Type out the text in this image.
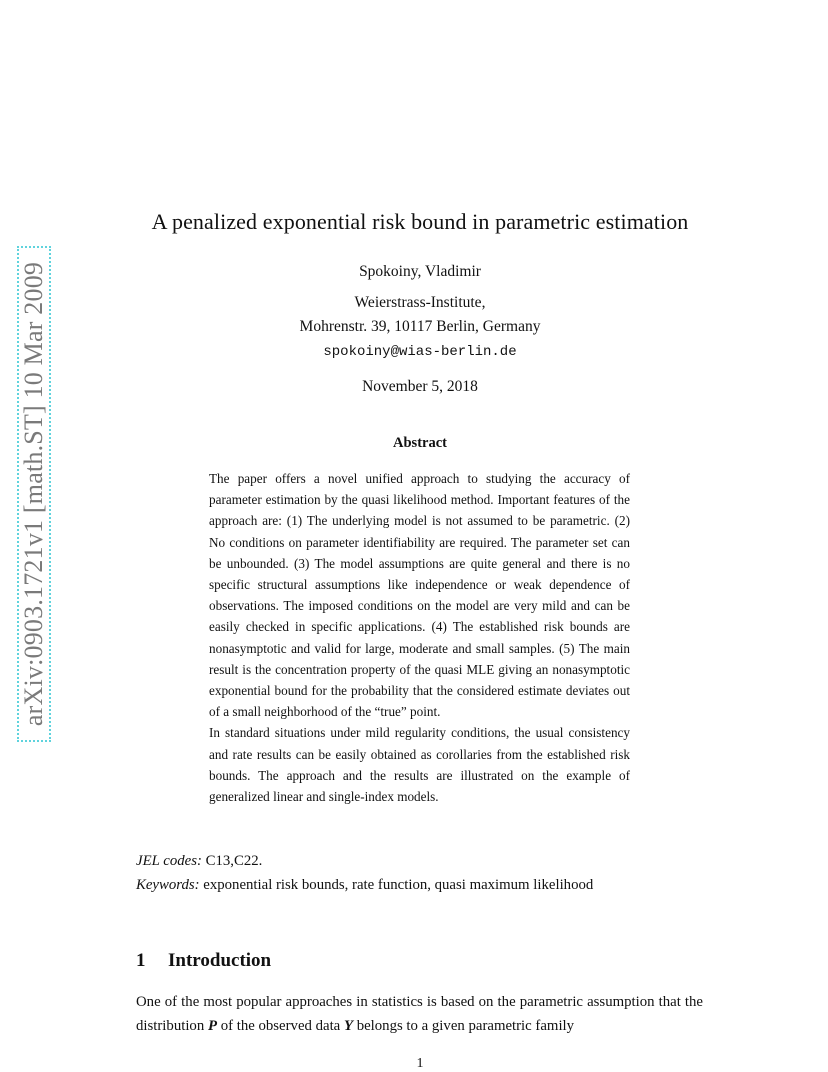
arXiv:0903.1721v1 [math.ST] 10 Mar 2009
A penalized exponential risk bound in parametric estimation
Spokoiny, Vladimir
Weierstrass-Institute,
Mohrenstr. 39, 10117 Berlin, Germany
spokoiny@wias-berlin.de
November 5, 2018
Abstract

The paper offers a novel unified approach to studying the accuracy of parameter estimation by the quasi likelihood method. Important features of the approach are: (1) The underlying model is not assumed to be parametric. (2) No conditions on parameter identifiability are required. The parameter set can be unbounded. (3) The model assumptions are quite general and there is no specific structural assumptions like independence or weak dependence of observations. The imposed conditions on the model are very mild and can be easily checked in specific applications. (4) The established risk bounds are nonasymptotic and valid for large, moderate and small samples. (5) The main result is the concentration property of the quasi MLE giving an nonasymptotic exponential bound for the probability that the considered estimate deviates out of a small neighborhood of the “true” point.

In standard situations under mild regularity conditions, the usual consistency and rate results can be easily obtained as corollaries from the established risk bounds. The approach and the results are illustrated on the example of generalized linear and single-index models.

JEL codes: C13,C22.
Keywords: exponential risk bounds, rate function, quasi maximum likelihood
1 Introduction

One of the most popular approaches in statistics is based on the parametric assumption that the distribution P of the observed data Y belongs to a given parametric family

1
